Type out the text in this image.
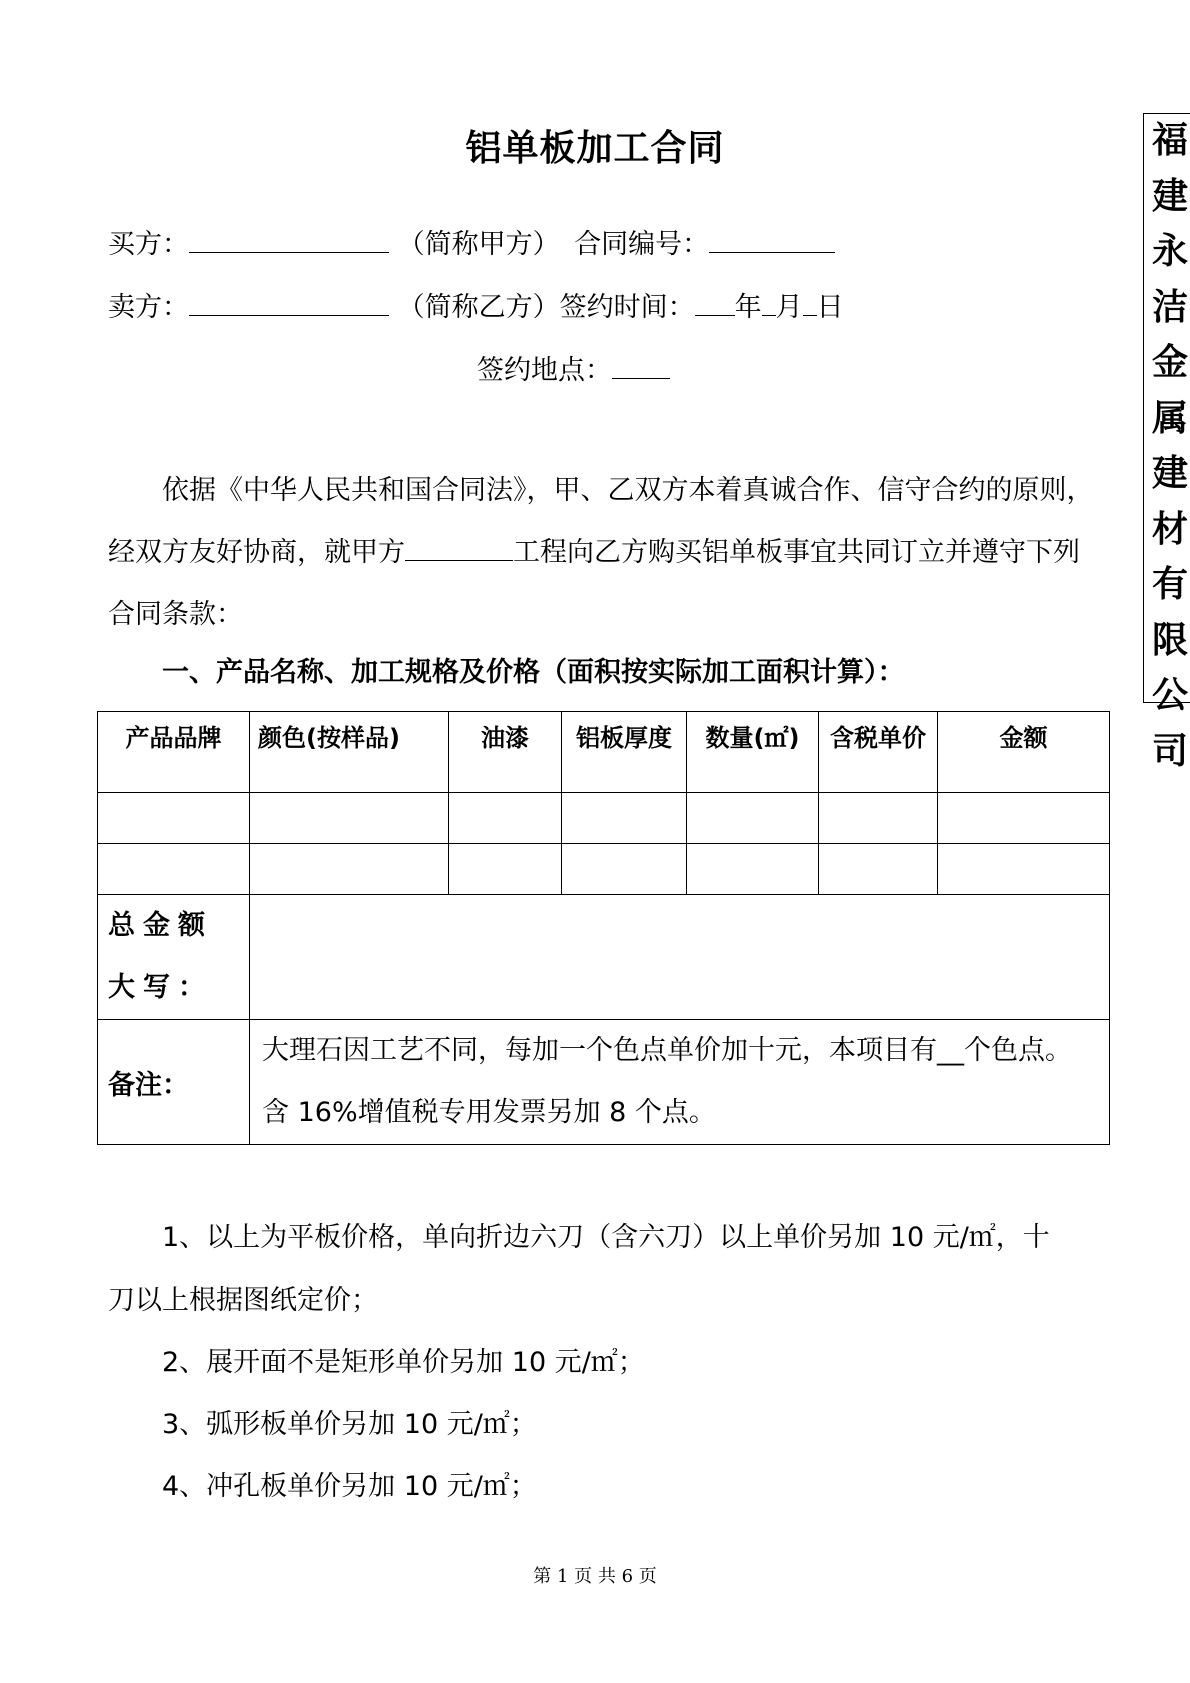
铝单板加工合同
买方：	（简称甲方） 合同编号：
卖方：	（简称乙方）签约时间： 年 月 日
签约地点：

依据《中华人民共和国合同法》，甲、乙双方本着真诚合作、信守合约的原则，经双方友好协商，就甲方	工程向乙方购买铝单板事宜共同订立并遵守下列合同条款：

一、产品名称、加工规格及价格（面积按实际加工面积计算）：
产品品牌	颜色(按样品)	油漆	铝板厚度	数量(㎡)	含税单价	金额

总金额大写：						
备注：	大理石因工艺不同，每加一个色点单价加十元，本项目有__个色点。
含 16%增值税专用发票另加 8 个点。					
1、以上为平板价格，单向折边六刀（含六刀）以上单价另加 10 元/㎡，十
刀以上根据图纸定价；
2、展开面不是矩形单价另加 10 元/㎡；
3、弧形板单价另加 10 元/㎡；
4、冲孔板单价另加 10 元/㎡；
第 1 页 共 6 页
福
建
永
洁
金
属
建
材
有
限
公
司
